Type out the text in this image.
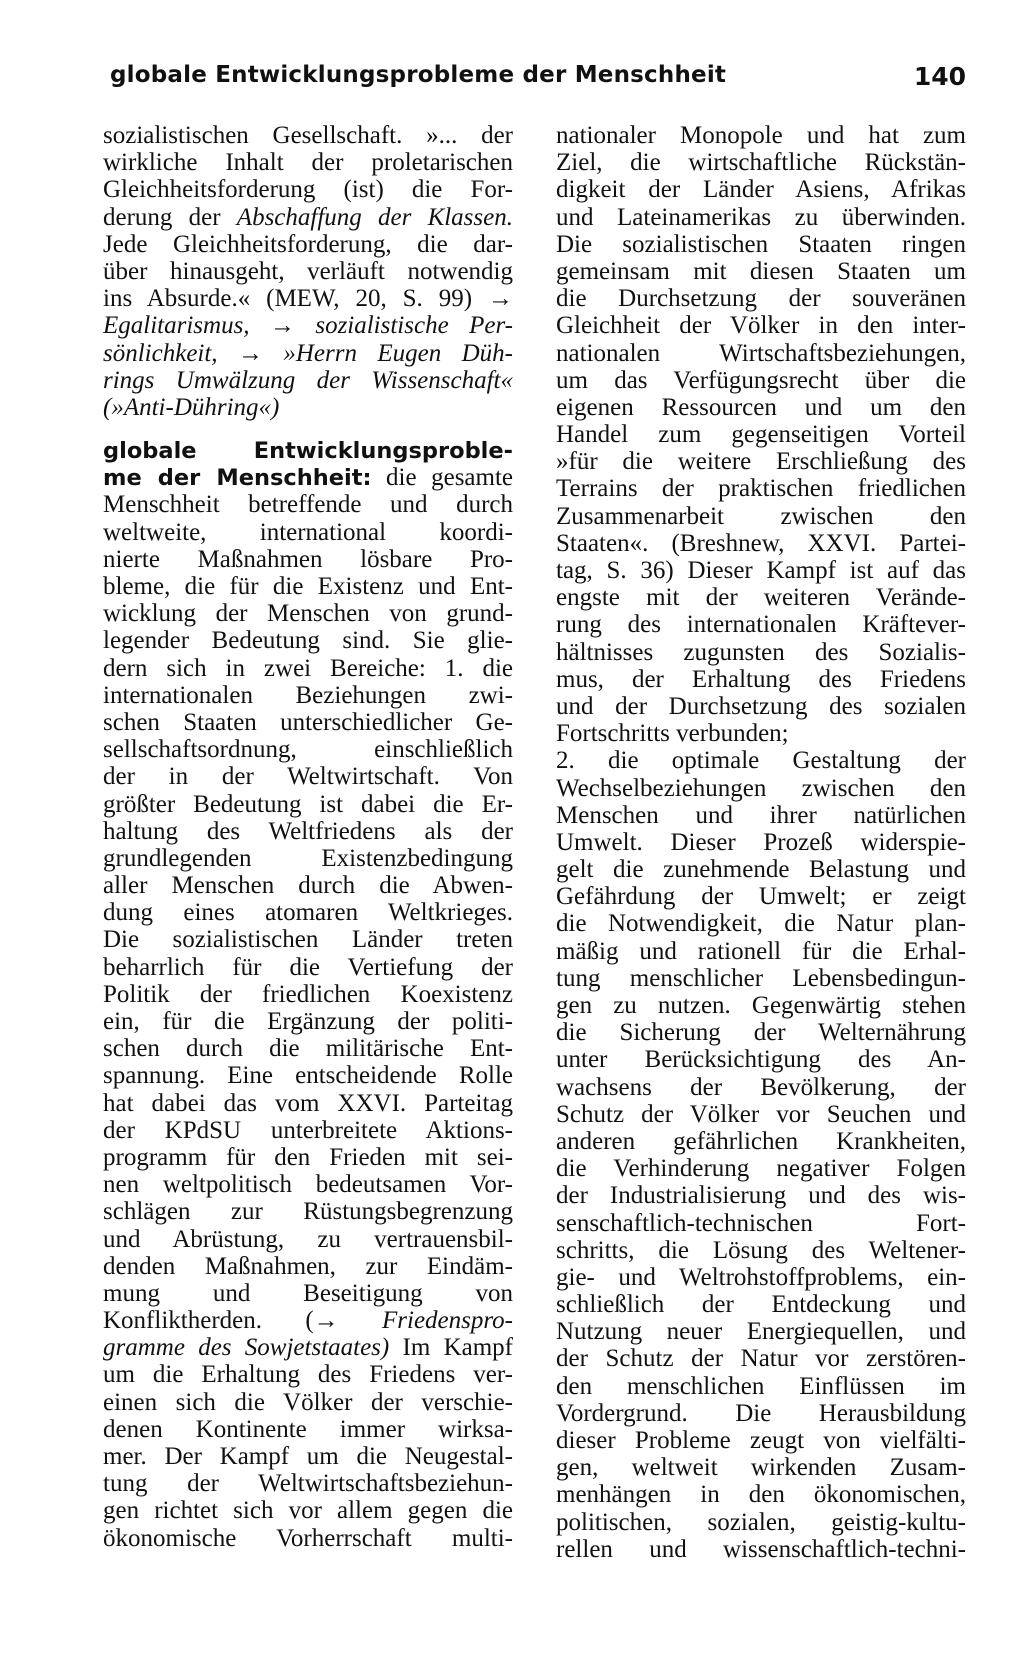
globale Entwicklungsprobleme der Menschheit	140
sozialistischen Gesellschaft. »... der
wirkliche Inhalt der proletarischen
Gleichheitsforderung (ist) die For-
derung der Abschaffung der Klassen.
Jede Gleichheitsforderung, die dar-
über hinausgeht, verläuft notwendig
ins Absurde.« (MEW, 20, S. 99) →
Egalitarismus, → sozialistische Per-
sönlichkeit, → »Herrn Eugen Düh-
rings Umwälzung der Wissenschaft«
(»Anti-Dühring«)
globale Entwicklungsproble-
me der Menschheit: die gesamte
Menschheit betreffende und durch
weltweite, international koordi-
nierte Maßnahmen lösbare Pro-
bleme, die für die Existenz und Ent-
wicklung der Menschen von grund-
legender Bedeutung sind. Sie glie-
dern sich in zwei Bereiche: 1. die
internationalen Beziehungen zwi-
schen Staaten unterschiedlicher Ge-
sellschaftsordnung, einschließlich
der in der Weltwirtschaft. Von
größter Bedeutung ist dabei die Er-
haltung des Weltfriedens als der
grundlegenden Existenzbedingung
aller Menschen durch die Abwen-
dung eines atomaren Weltkrieges.
Die sozialistischen Länder treten
beharrlich für die Vertiefung der
Politik der friedlichen Koexistenz
ein, für die Ergänzung der politi-
schen durch die militärische Ent-
spannung. Eine entscheidende Rolle
hat dabei das vom XXVI. Parteitag
der KPdSU unterbreitete Aktions-
programm für den Frieden mit sei-
nen weltpolitisch bedeutsamen Vor-
schlägen zur Rüstungsbegrenzung
und Abrüstung, zu vertrauensbil-
denden Maßnahmen, zur Eindäm-
mung und Beseitigung von
Konfliktherden. (→ Friedenspro-
gramme des Sowjetstaates) Im Kampf
um die Erhaltung des Friedens ver-
einen sich die Völker der verschie-
denen Kontinente immer wirksa-
mer. Der Kampf um die Neugestal-
tung der Weltwirtschaftsbeziehun-
gen richtet sich vor allem gegen die
ökonomische Vorherrschaft multi-
nationaler Monopole und hat zum
Ziel, die wirtschaftliche Rückstän-
digkeit der Länder Asiens, Afrikas
und Lateinamerikas zu überwinden.
Die sozialistischen Staaten ringen
gemeinsam mit diesen Staaten um
die Durchsetzung der souveränen
Gleichheit der Völker in den inter-
nationalen Wirtschaftsbeziehungen,
um das Verfügungsrecht über die
eigenen Ressourcen und um den
Handel zum gegenseitigen Vorteil
»für die weitere Erschließung des
Terrains der praktischen friedlichen
Zusammenarbeit zwischen den
Staaten«. (Breshnew, XXVI. Partei-
tag, S. 36) Dieser Kampf ist auf das
engste mit der weiteren Verände-
rung des internationalen Kräftever-
hältnisses zugunsten des Sozialis-
mus, der Erhaltung des Friedens
und der Durchsetzung des sozialen
Fortschritts verbunden;
2. die optimale Gestaltung der
Wechselbeziehungen zwischen den
Menschen und ihrer natürlichen
Umwelt. Dieser Prozeß widerspie-
gelt die zunehmende Belastung und
Gefährdung der Umwelt; er zeigt
die Notwendigkeit, die Natur plan-
mäßig und rationell für die Erhal-
tung menschlicher Lebensbedingun-
gen zu nutzen. Gegenwärtig stehen
die Sicherung der Welternährung
unter Berücksichtigung des An-
wachsens der Bevölkerung, der
Schutz der Völker vor Seuchen und
anderen gefährlichen Krankheiten,
die Verhinderung negativer Folgen
der Industrialisierung und des wis-
senschaftlich-technischen Fort-
schritts, die Lösung des Weltener-
gie- und Weltrohstoffproblems, ein-
schließlich der Entdeckung und
Nutzung neuer Energiequellen, und
der Schutz der Natur vor zerstören-
den menschlichen Einflüssen im
Vordergrund. Die Herausbildung
dieser Probleme zeugt von vielfälti-
gen, weltweit wirkenden Zusam-
menhängen in den ökonomischen,
politischen, sozialen, geistig-kultu-
rellen und wissenschaftlich-techni-
